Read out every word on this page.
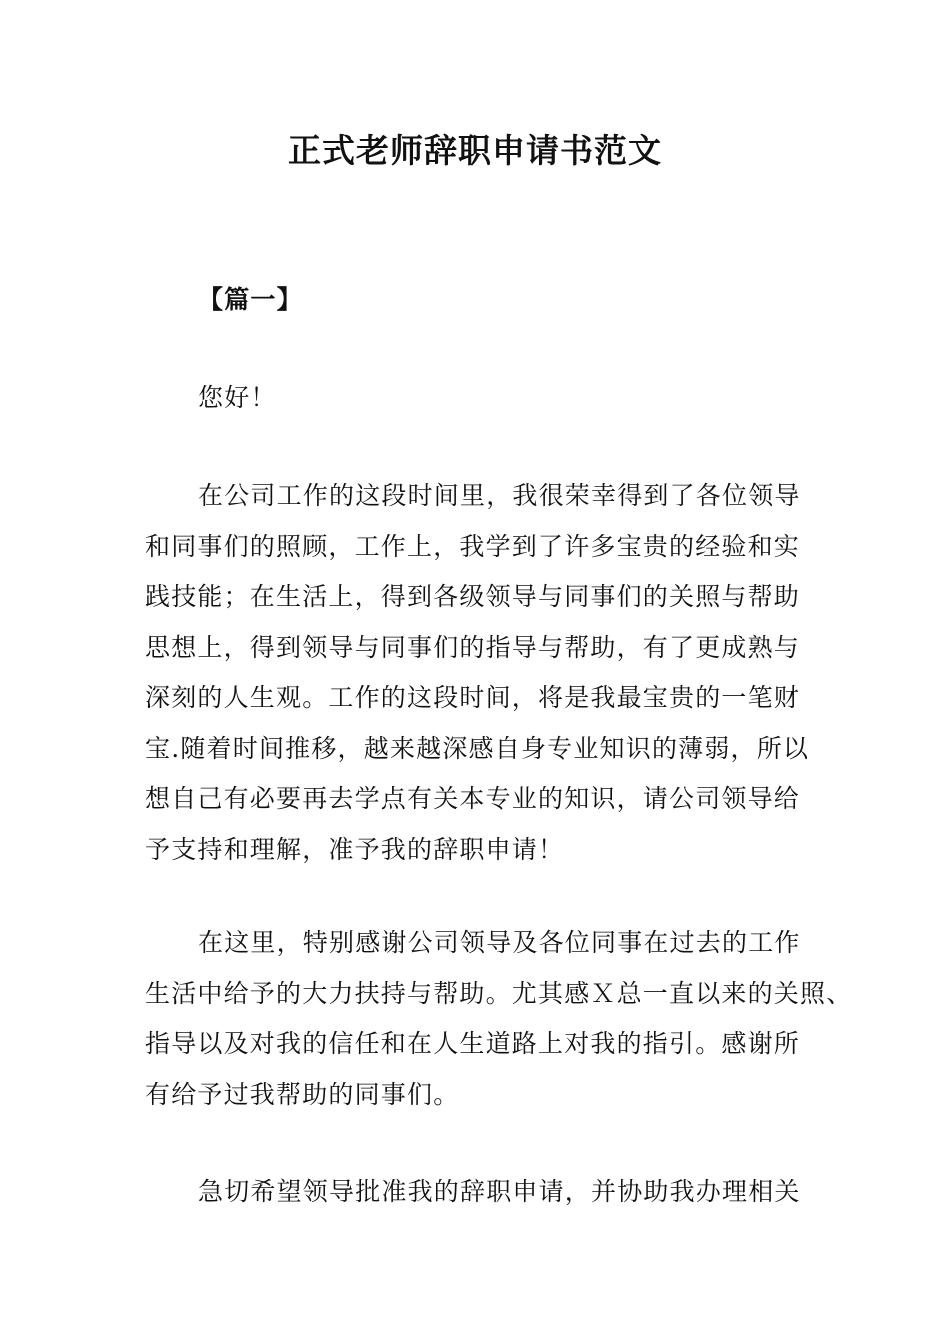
正式老师辞职申请书范文
【篇一】
您好！
在公司工作的这段时间里，我很荣幸得到了各位领导
和同事们的照顾，工作上，我学到了许多宝贵的经验和实
践技能；在生活上，得到各级领导与同事们的关照与帮助
思想上，得到领导与同事们的指导与帮助，有了更成熟与
深刻的人生观。工作的这段时间，将是我最宝贵的一笔财
宝.随着时间推移，越来越深感自身专业知识的薄弱，所以
想自己有必要再去学点有关本专业的知识，请公司领导给
予支持和理解，准予我的辞职申请！
在这里，特别感谢公司领导及各位同事在过去的工作
生活中给予的大力扶持与帮助。尤其感Ｘ总一直以来的关照、
指导以及对我的信任和在人生道路上对我的指引。感谢所
有给予过我帮助的同事们。
急切希望领导批准我的辞职申请，并协助我办理相关
